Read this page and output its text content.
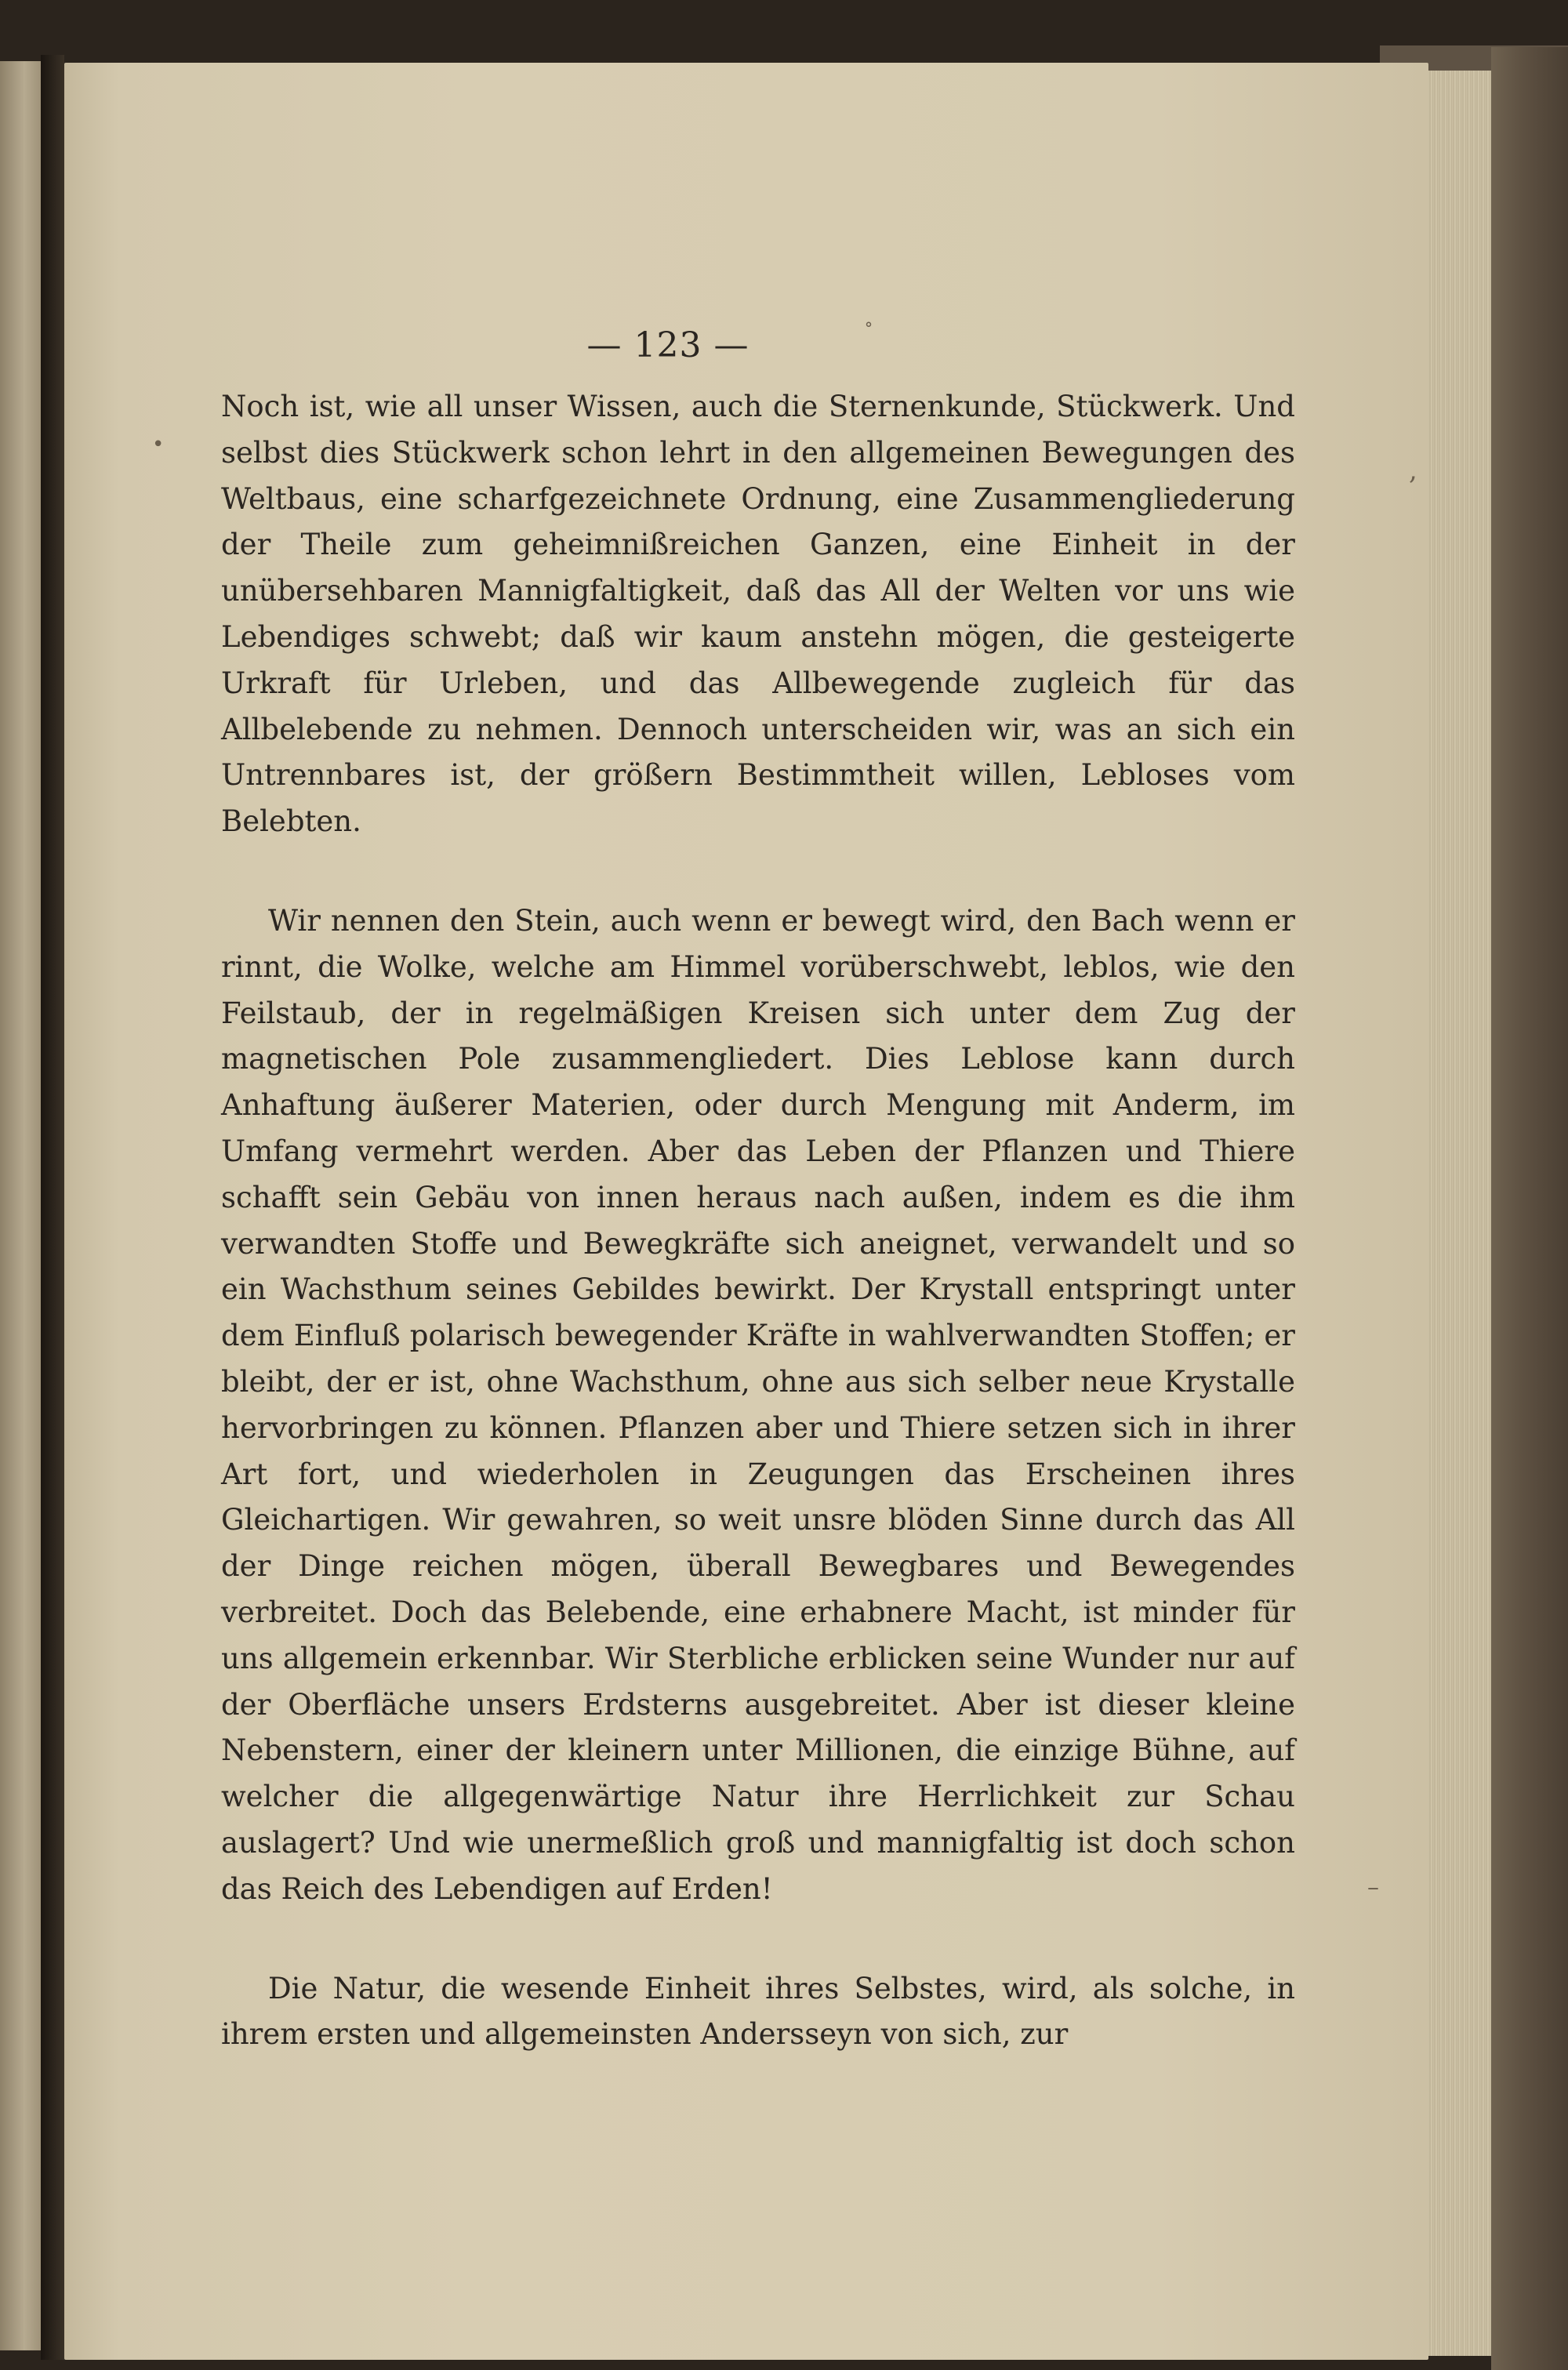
— 123 —	˚
•
,
–

Noch ist, wie all unser Wissen, auch die Sternenkunde, Stückwerk. Und selbst dies Stückwerk schon lehrt in den allgemeinen Bewegungen des Weltbaus, eine scharfgezeichnete Ordnung, eine Zusammengliederung der Theile zum geheimnißreichen Ganzen, eine Einheit in der unübersehbaren Mannigfaltigkeit, daß das All der Welten vor uns wie Lebendiges schwebt; daß wir kaum anstehn mögen, die gesteigerte Urkraft für Urleben, und das Allbewegende zugleich für das Allbelebende zu nehmen. Dennoch unterscheiden wir, was an sich ein Untrennbares ist, der größern Bestimmtheit willen, Lebloses vom Belebten.

Wir nennen den Stein, auch wenn er bewegt wird, den Bach wenn er rinnt, die Wolke, welche am Himmel vorüberschwebt, leblos, wie den Feilstaub, der in regelmäßigen Kreisen sich unter dem Zug der magnetischen Pole zusammengliedert. Dies Leblose kann durch Anhaftung äußerer Materien, oder durch Mengung mit Anderm, im Umfang vermehrt werden. Aber das Leben der Pflanzen und Thiere schafft sein Gebäu von innen heraus nach außen, indem es die ihm verwandten Stoffe und Bewegkräfte sich aneignet, verwandelt und so ein Wachsthum seines Gebildes bewirkt. Der Krystall entspringt unter dem Einfluß polarisch bewegender Kräfte in wahlverwandten Stoffen; er bleibt, der er ist, ohne Wachsthum, ohne aus sich selber neue Krystalle hervorbringen zu können. Pflanzen aber und Thiere setzen sich in ihrer Art fort, und wiederholen in Zeugungen das Erscheinen ihres Gleichartigen. Wir gewahren, so weit unsre blöden Sinne durch das All der Dinge reichen mögen, überall Bewegbares und Bewegendes verbreitet. Doch das Belebende, eine erhabnere Macht, ist minder für uns allgemein erkennbar. Wir Sterbliche erblicken seine Wunder nur auf der Oberfläche unsers Erdsterns ausgebreitet. Aber ist dieser kleine Nebenstern, einer der kleinern unter Millionen, die einzige Bühne, auf welcher die allgegenwärtige Natur ihre Herrlichkeit zur Schau auslagert? Und wie unermeßlich groß und mannigfaltig ist doch schon das Reich des Lebendigen auf Erden!

Die Natur, die wesende Einheit ihres Selbstes, wird, als solche, in ihrem ersten und allgemeinsten Andersseyn von sich, zur
